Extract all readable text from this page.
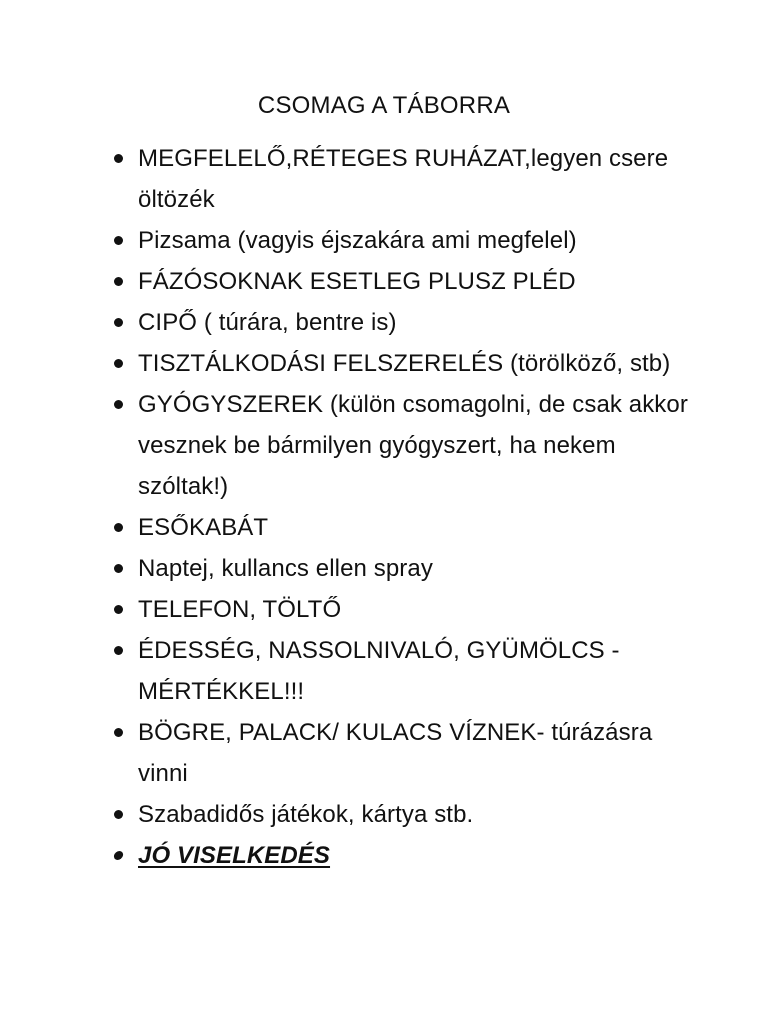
CSOMAG A TÁBORRA
MEGFELELŐ,RÉTEGES RUHÁZAT,legyen csere öltözék
Pizsama (vagyis éjszakára ami megfelel)
FÁZÓSOKNAK ESETLEG PLUSZ PLÉD
CIPŐ ( túrára, bentre is)
TISZTÁLKODÁSI FELSZERELÉS (törölköző, stb)
GYÓGYSZEREK (külön csomagolni, de csak akkor vesznek be bármilyen gyógyszert, ha nekem szóltak!)
ESŐKABÁT
Naptej, kullancs ellen spray
TELEFON, TÖLTŐ
ÉDESSÉG, NASSOLNIVALÓ, GYÜMÖLCS - MÉRTÉKKEL!!!
BÖGRE, PALACK/ KULACS VÍZNEK- túrázásra vinni
Szabadidős játékok, kártya stb.
JÓ VISELKEDÉS
